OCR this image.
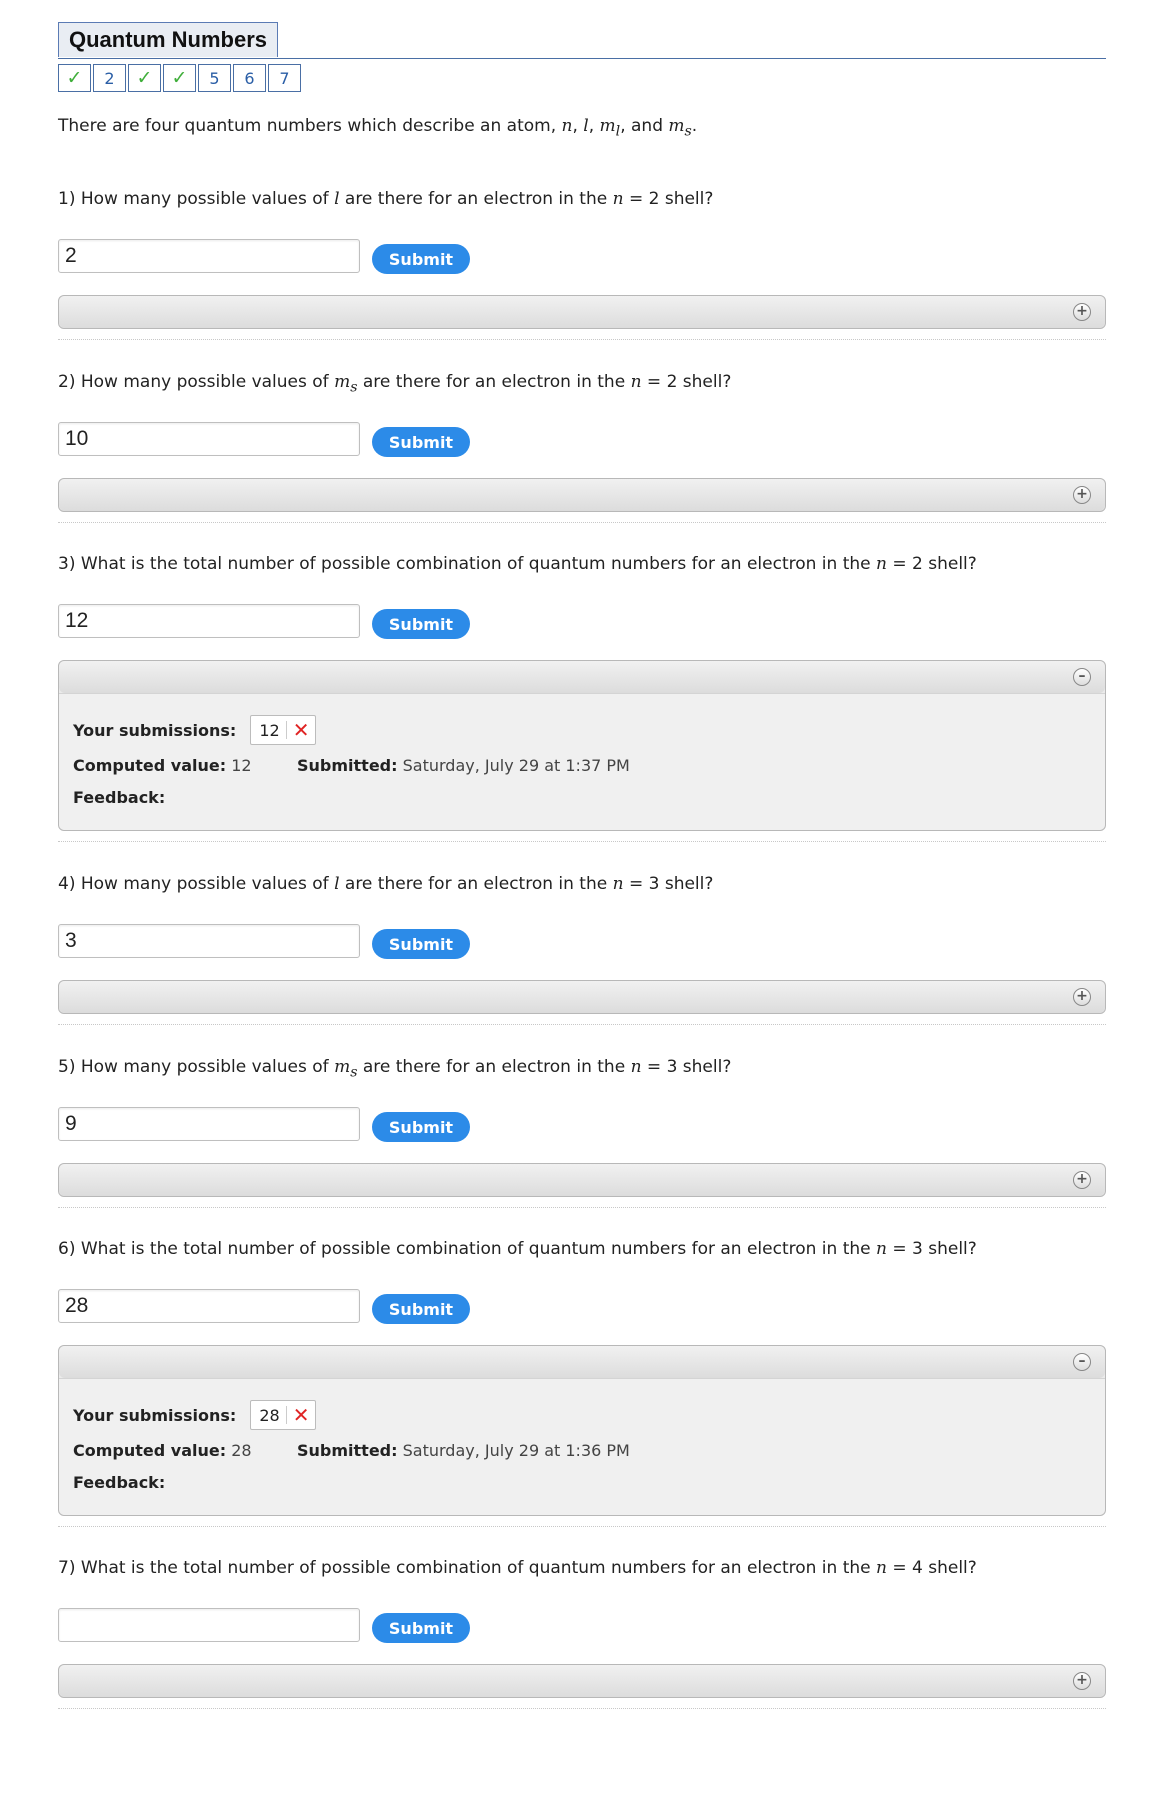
Quantum Numbers
✓ 2 ✓ ✓ 5 6 7
There are four quantum numbers which describe an atom, n, l, $m_l$, and $m_s$.
1) How many possible values of l are there for an electron in the n = 2 shell?
2
Submit
+
2) How many possible values of $m_s$ are there for an electron in the n = 2 shell?
10
Submit
+
3) What is the total number of possible combination of quantum numbers for an electron in the n = 2 shell?
12
Submit
–
Your submissions: 12 ✕
Computed value: 12	Submitted: Saturday, July 29 at 1:37 PM
Feedback:
4) How many possible values of l are there for an electron in the n = 3 shell?
3
Submit
+
5) How many possible values of $m_s$ are there for an electron in the n = 3 shell?
9
Submit
+
6) What is the total number of possible combination of quantum numbers for an electron in the n = 3 shell?
28
Submit
–
Your submissions: 28 ✕
Computed value: 28	Submitted: Saturday, July 29 at 1:36 PM
Feedback:
7) What is the total number of possible combination of quantum numbers for an electron in the n = 4 shell?
Submit
+
